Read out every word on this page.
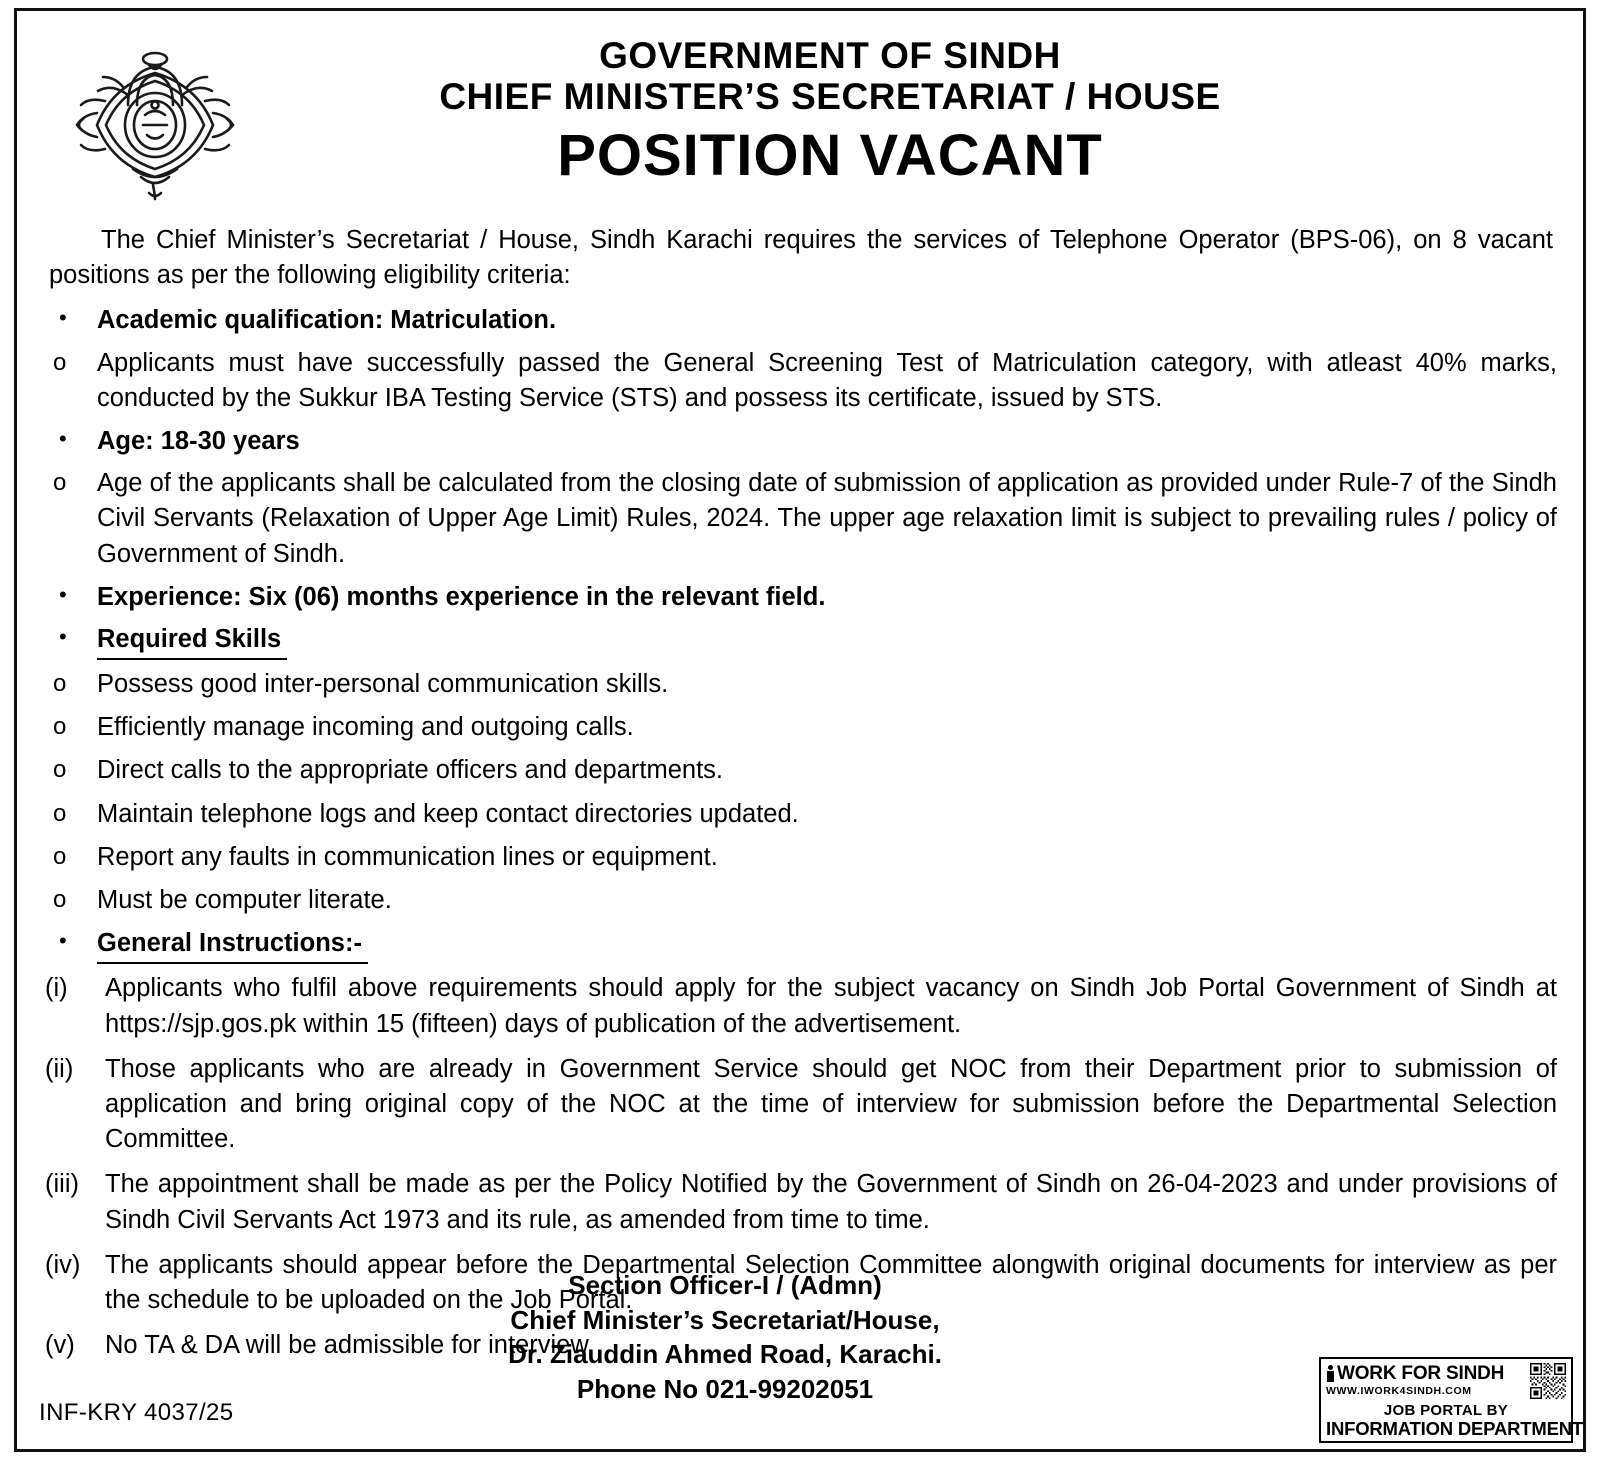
GOVERNMENT OF SINDH
CHIEF MINISTER’S SECRETARIAT / HOUSE
POSITION VACANT

The Chief Minister’s Secretariat / House, Sindh Karachi requires the services of Telephone Operator (BPS-06), on 8 vacant positions as per the following eligibility criteria:

•	Academic qualification: Matriculation.
o	Applicants must have successfully passed the General Screening Test of Matriculation category, with atleast 40% marks, conducted by the Sukkur IBA Testing Service (STS) and possess its certificate, issued by STS.
•	Age: 18-30 years
o	Age of the applicants shall be calculated from the closing date of submission of application as provided under Rule-7 of the Sindh Civil Servants (Relaxation of Upper Age Limit) Rules, 2024. The upper age relaxation limit is subject to prevailing rules / policy of Government of Sindh.
•	Experience: Six (06) months experience in the relevant field.
•	Required Skills
o	Possess good inter-personal communication skills.
o	Efficiently manage incoming and outgoing calls.
o	Direct calls to the appropriate officers and departments.
o	Maintain telephone logs and keep contact directories updated.
o	Report any faults in communication lines or equipment.
o	Must be computer literate.
•	General Instructions:-
(i)	Applicants who fulfil above requirements should apply for the subject vacancy on Sindh Job Portal Government of Sindh at https://sjp.gos.pk within 15 (fifteen) days of publication of the advertisement.
(ii)	Those applicants who are already in Government Service should get NOC from their Department prior to submission of application and bring original copy of the NOC at the time of interview for submission before the Departmental Selection Committee.
(iii)	The appointment shall be made as per the Policy Notified by the Government of Sindh on 26-04-2023 and under provisions of Sindh Civil Servants Act 1973 and its rule, as amended from time to time.
(iv) The applicants should appear before the Departmental Selection Committee alongwith original documents for interview as per the schedule to be uploaded on the Job Portal.
(v)	No TA & DA will be admissible for interview.
Section Officer-I / (Admn)
Chief Minister’s Secretariat/House,
Dr. Ziauddin Ahmed Road, Karachi.
Phone No 021-99202051
INF-KRY 4037/25
WORK FOR SINDH
WWW.IWORK4SINDH.COM
JOB PORTAL BY
INFORMATION DEPARTMENT
